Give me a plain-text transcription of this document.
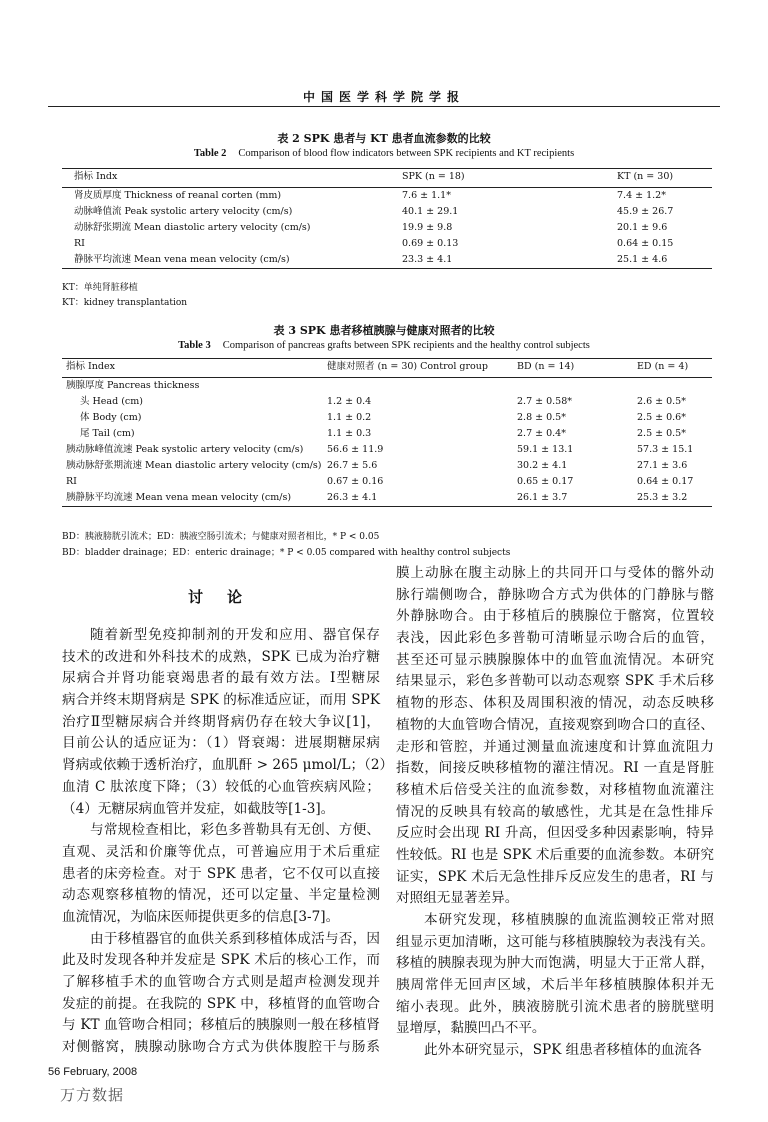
中国医学科学院学报
表 2 SPK 患者与 KT 患者血流参数的比较
Table 2 Comparison of blood flow indicators between SPK recipients and KT recipients
指标 Indx	SPK (n = 18)	KT (n = 30)
肾皮质厚度 Thickness of reanal corten (mm)	7.6 ± 1.1*	7.4 ± 1.2*
动脉峰值流 Peak systolic artery velocity (cm/s)	40.1 ± 29.1	45.9 ± 26.7
动脉舒张期流 Mean diastolic artery velocity (cm/s)	19.9 ± 9.8	20.1 ± 9.6
RI	0.69 ± 0.13	0.64 ± 0.15
静脉平均流速 Mean vena mean velocity (cm/s)	23.3 ± 4.1	25.1 ± 4.6
KT：单纯肾脏移植
KT：kidney transplantation
表 3 SPK 患者移植胰腺与健康对照者的比较
Table 3 Comparison of pancreas grafts between SPK recipients and the healthy control subjects
指标 Index	健康对照者 (n = 30) Control group	BD (n = 14)	ED (n = 4)
胰腺厚度 Pancreas thickness
头 Head (cm)	1.2 ± 0.4	2.7 ± 0.58*	2.6 ± 0.5*
体 Body (cm)	1.1 ± 0.2	2.8 ± 0.5*	2.5 ± 0.6*
尾 Tail (cm)	1.1 ± 0.3	2.7 ± 0.4*	2.5 ± 0.5*
胰动脉峰值流速 Peak systolic artery velocity (cm/s) 56.6 ± 11.9	59.1 ± 13.1	57.3 ± 15.1
胰动脉舒张期流速 Mean diastolic artery velocity (cm/s) 26.7 ± 5.6	30.2 ± 4.1	27.1 ± 3.6
RI	0.67 ± 0.16	0.65 ± 0.17	0.64 ± 0.17
胰静脉平均流速 Mean vena mean velocity (cm/s)	26.3 ± 4.1	26.1 ± 3.7	25.3 ± 3.2
BD：胰液膀胱引流术；ED：胰液空肠引流术；与健康对照者相比，* P < 0.05
BD：bladder drainage；ED：enteric drainage；* P < 0.05 compared with healthy control subjects
讨论
随着新型免疫抑制剂的开发和应用、器官保存
技术的改进和外科技术的成熟，SPK 已成为治疗糖
尿病合并肾功能衰竭患者的最有效方法。Ⅰ型糖尿
病合并终末期肾病是 SPK 的标准适应证，而用 SPK
治疗Ⅱ型糖尿病合并终期肾病仍存在较大争议[1]，
目前公认的适应证为：（1）肾衰竭：进展期糖尿病
肾病或依赖于透析治疗，血肌酐 > 265 μmol/L；（2）
血清 C 肽浓度下降；（3）较低的心血管疾病风险；
（4）无糖尿病血管并发症，如截肢等[1-3]。
与常规检查相比，彩色多普勒具有无创、方便、
直观、灵活和价廉等优点，可普遍应用于术后重症
患者的床旁检查。对于 SPK 患者，它不仅可以直接
动态观察移植物的情况，还可以定量、半定量检测
血流情况，为临床医师提供更多的信息[3-7]。
由于移植器官的血供关系到移植体成活与否，因
此及时发现各种并发症是 SPK 术后的核心工作，而
了解移植手术的血管吻合方式则是超声检测发现并
发症的前提。在我院的 SPK 中，移植肾的血管吻合
与 KT 血管吻合相同；移植后的胰腺则一般在移植肾
对侧髂窝，胰腺动脉吻合方式为供体腹腔干与肠系
膜上动脉在腹主动脉上的共同开口与受体的髂外动
脉行端侧吻合，静脉吻合方式为供体的门静脉与髂
外静脉吻合。由于移植后的胰腺位于髂窝，位置较
表浅，因此彩色多普勒可清晰显示吻合后的血管，
甚至还可显示胰腺腺体中的血管血流情况。本研究
结果显示，彩色多普勒可以动态观察 SPK 手术后移
植物的形态、体积及周围积液的情况，动态反映移
植物的大血管吻合情况，直接观察到吻合口的直径、
走形和管腔，并通过测量血流速度和计算血流阻力
指数，间接反映移植物的灌注情况。RI 一直是肾脏
移植术后倍受关注的血流参数，对移植物血流灌注
情况的反映具有较高的敏感性，尤其是在急性排斥
反应时会出现 RI 升高，但因受多种因素影响，特异
性较低。RI 也是 SPK 术后重要的血流参数。本研究
证实，SPK 术后无急性排斥反应发生的患者，RI 与
对照组无显著差异。
本研究发现，移植胰腺的血流监测较正常对照
组显示更加清晰，这可能与移植胰腺较为表浅有关。
移植的胰腺表现为肿大而饱满，明显大于正常人群，
胰周常伴无回声区域，术后半年移植胰腺体积并无
缩小表现。此外，胰液膀胱引流术患者的膀胱壁明
显增厚，黏膜凹凸不平。
此外本研究显示，SPK 组患者移植体的血流各
56 February, 2008
万方数据
